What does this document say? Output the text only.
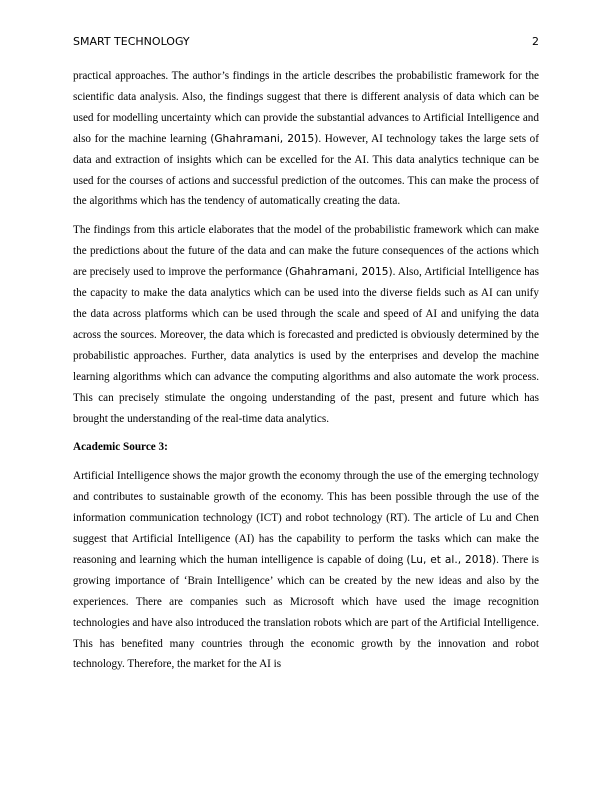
SMART TECHNOLOGY	2

practical approaches. The author’s findings in the article describes the probabilistic framework for the scientific data analysis. Also, the findings suggest that there is different analysis of data which can be used for modelling uncertainty which can provide the substantial advances to Artificial Intelligence and also for the machine learning (Ghahramani, 2015). However, AI technology takes the large sets of data and extraction of insights which can be excelled for the AI. This data analytics technique can be used for the courses of actions and successful prediction of the outcomes. This can make the process of the algorithms which has the tendency of automatically creating the data.

The findings from this article elaborates that the model of the probabilistic framework which can make the predictions about the future of the data and can make the future consequences of the actions which are precisely used to improve the performance (Ghahramani, 2015). Also, Artificial Intelligence has the capacity to make the data analytics which can be used into the diverse fields such as AI can unify the data across platforms which can be used through the scale and speed of AI and unifying the data across the sources. Moreover, the data which is forecasted and predicted is obviously determined by the probabilistic approaches. Further, data analytics is used by the enterprises and develop the machine learning algorithms which can advance the computing algorithms and also automate the work process. This can precisely stimulate the ongoing understanding of the past, present and future which has brought the understanding of the real-time data analytics.

Academic Source 3:

Artificial Intelligence shows the major growth the economy through the use of the emerging technology and contributes to sustainable growth of the economy. This has been possible through the use of the information communication technology (ICT) and robot technology (RT). The article of Lu and Chen suggest that Artificial Intelligence (AI) has the capability to perform the tasks which can make the reasoning and learning which the human intelligence is capable of doing (Lu, et al., 2018). There is growing importance of ‘Brain Intelligence’ which can be created by the new ideas and also by the experiences. There are companies such as Microsoft which have used the image recognition technologies and have also introduced the translation robots which are part of the Artificial Intelligence. This has benefited many countries through the economic growth by the innovation and robot technology. Therefore, the market for the AI is
